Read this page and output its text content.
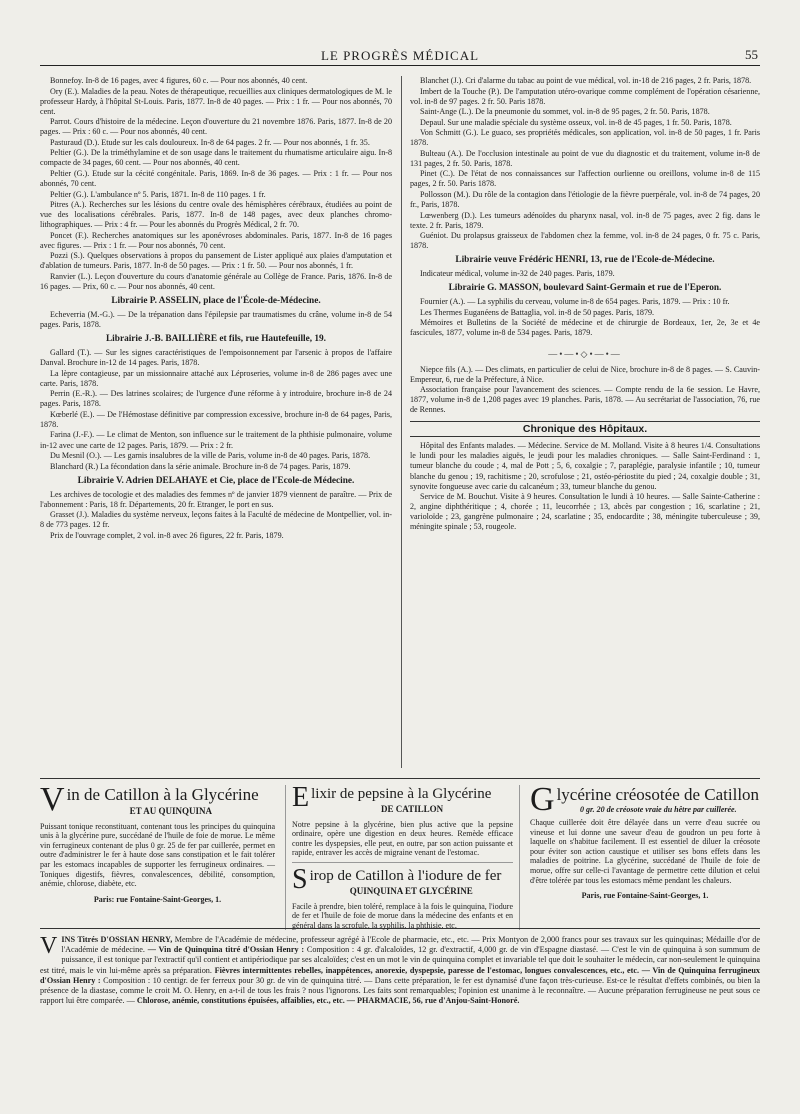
LE PROGRÈS MÉDICAL	55
Bonnefoy. In-8 de 16 pages, avec 4 figures, 60 c. — Pour nos abonnés, 40 cent.
Ory (E.). Maladies de la peau. Notes de thérapeutique, recueillies aux cliniques dermatologiques de M. le professeur Hardy, à l'hôpital St-Louis. Paris, 1877. In-8 de 40 pages. — Prix : 1 fr. — Pour nos abonnés, 70 cent.
Parrot. Cours d'histoire de la médecine. Leçon d'ouverture du 21 novembre 1876. Paris, 1877. In-8 de 20 pages. — Prix : 60 c. — Pour nos abonnés, 40 cent.
Pasturaud (D.). Etude sur les cals douloureux. In-8 de 64 pages. 2 fr. — Pour nos abonnés, 1 fr. 35.
Peltier (G.). De la triméthylamine et de son usage dans le traitement du rhumatisme articulaire aigu. In-8 compacte de 34 pages, 60 cent. — Pour nos abonnés, 40 cent.
Peltier (G.). Etude sur la cécité congénitale. Paris, 1869. In-8 de 36 pages. — Prix : 1 fr. — Pour nos abonnés, 70 cent.
Peltier (G.). L'ambulance nº 5. Paris, 1871. In-8 de 110 pages. 1 fr.
Pitres (A.). Recherches sur les lésions du centre ovale des hémisphères cérébraux, étudiées au point de vue des localisations cérébrales. Paris, 1877. In-8 de 148 pages, avec deux planches chromo-lithographiques. — Prix : 4 fr. — Pour les abonnés du Progrès Médical, 2 fr. 70.
Poncet (F.). Recherches anatomiques sur les aponévroses abdominales. Paris, 1877. In-8 de 16 pages avec figures. — Prix : 1 fr. — Pour nos abonnés, 70 cent.
Pozzi (S.). Quelques observations à propos du pansement de Lister appliqué aux plaies d'amputation et d'ablation de tumeurs. Paris, 1877. In-8 de 50 pages. — Prix : 1 fr. 50. — Pour nos abonnés, 1 fr.
Ranvier (L.). Leçon d'ouverture du cours d'anatomie générale au Collège de France. Paris, 1876. In-8 de 16 pages. — Prix, 60 c. — Pour nos abonnés, 40 cent.
Librairie P. ASSELIN, place de l'École-de-Médecine.
Echeverria (M.-G.). — De la trépanation dans l'épilepsie par traumatismes du crâne, volume in-8 de 54 pages. Paris, 1878.
Librairie J.-B. BAILLIÈRE et fils, rue Hautefeuille, 19.
Gallard (T.). — Sur les signes caractéristiques de l'empoisonnement par l'arsenic à propos de l'affaire Danval. Brochure in-12 de 14 pages. Paris, 1878.
La lèpre contagieuse, par un missionnaire attaché aux Léproseries, volume in-8 de 286 pages avec une carte. Paris, 1878.
Perrin (E.-R.). — Des latrines scolaires; de l'urgence d'une réforme à y introduire, brochure in-8 de 24 pages. Paris, 1878.
Kœberlé (E.). — De l'Hémostase définitive par compression excessive, brochure in-8 de 64 pages, Paris, 1878.
Farina (J.-F.). — Le climat de Menton, son influence sur le traitement de la phthisie pulmonaire, volume in-12 avec une carte de 12 pages. Paris, 1879. — Prix : 2 fr.
Du Mesnil (O.). — Les garnis insalubres de la ville de Paris, volume in-8 de 40 pages. Paris, 1878.
Blanchard (R.) La fécondation dans la série animale. Brochure in-8 de 74 pages. Paris, 1879.
Librairie V. Adrien DELAHAYE et Cie, place de l'Ecole-de Médecine.
Les archives de tocologie et des maladies des femmes nº de janvier 1879 viennent de paraître. — Prix de l'abonnement : Paris, 18 fr. Départements, 20 fr. Etranger, le port en sus.
Grasset (J.). Maladies du système nerveux, leçons faites à la Faculté de médecine de Montpellier, vol. in-8 de 773 pages. 12 fr.
Prix de l'ouvrage complet, 2 vol. in-8 avec 26 figures, 22 fr. Paris, 1879.
Blanchet (J.). Cri d'alarme du tabac au point de vue médical, vol. in-18 de 216 pages, 2 fr. Paris, 1878.
Imbert de la Touche (P.). De l'amputation utéro-ovarique comme complément de l'opération césarienne, vol. in-8 de 97 pages. 2 fr. 50. Paris 1878.
Saint-Ange (L.). De la pneumonie du sommet, vol. in-8 de 95 pages, 2 fr. 50. Paris, 1878.
Depaul. Sur une maladie spéciale du système osseux, vol. in-8 de 45 pages, 1 fr. 50. Paris, 1878.
Von Schmitt (G.). Le guaco, ses propriétés médicales, son application, vol. in-8 de 50 pages, 1 fr. Paris 1878.
Bulteau (A.). De l'occlusion intestinale au point de vue du diagnostic et du traitement, volume in-8 de 131 pages, 2 fr. 50. Paris, 1878.
Pinet (C.). De l'état de nos connaissances sur l'affection ourlienne ou oreillons, volume in-8 de 115 pages, 2 fr. 50. Paris 1878.
Pollosson (M.). Du rôle de la contagion dans l'étiologie de la fièvre puerpérale, vol. in-8 de 74 pages, 20 fr., Paris, 1878.
Lœwenberg (D.). Les tumeurs adénoïdes du pharynx nasal, vol. in-8 de 75 pages, avec 2 fig. dans le texte. 2 fr. Paris, 1879.
Guéniot. Du prolapsus graisseux de l'abdomen chez la femme, vol. in-8 de 24 pages, 0 fr. 75 c. Paris, 1878.
Librairie veuve Frédéric HENRI, 13, rue de l'Ecole-de-Médecine.
Indicateur médical, volume in-32 de 240 pages. Paris, 1879.
Librairie G. MASSON, boulevard Saint-Germain et rue de l'Eperon.
Fournier (A.). — La syphilis du cerveau, volume in-8 de 654 pages. Paris, 1879. — Prix : 10 fr.
Les Thermes Euganéens de Battaglia, vol. in-8 de 50 pages. Paris, 1879.
Mémoires et Bulletins de la Société de médecine et de chirurgie de Bordeaux, 1er, 2e, 3e et 4e fascicules, 1877, volume in-8 de 534 pages. Paris, 1879.
—•—•◇•—•—
Niepce fils (A.). — Des climats, en particulier de celui de Nice, brochure in-8 de 8 pages. — S. Cauvin-Empereur, 6, rue de la Préfecture, à Nice.
Association française pour l'avancement des sciences. — Compte rendu de la 6e session. Le Havre, 1877, volume in-8 de 1,208 pages avec 19 planches. Paris, 1878. — Au secrétariat de l'association, 76, rue de Rennes.
Chronique des Hôpitaux.
Hôpital des Enfants malades. — Médecine. Service de M. Molland. Visite à 8 heures 1/4. Consultations le lundi pour les maladies aiguës, le jeudi pour les maladies chroniques. — Salle Saint-Ferdinand : 1, tumeur blanche du coude ; 4, mal de Pott ; 5, 6, coxalgie ; 7, paraplégie, paralysie infantile ; 10, tumeur blanche du genou ; 19, rachitisme ; 20, scrofulose ; 21, ostéo-périostite du pied ; 24, coxalgie double ; 31, synovite fongueuse avec carie du calcanéum ; 33, tumeur blanche du genou.
Service de M. Bouchut. Visite à 9 heures. Consultation le lundi à 10 heures. — Salle Sainte-Catherine : 2, angine diphthéritique ; 4, chorée ; 11, leucorrhée ; 13, abcès par congestion ; 16, scarlatine ; 21, varioloïde ; 23, gangrène pulmonaire ; 24, scarlatine ; 35, endocardite ; 38, méningite tuberculeuse ; 39, méningite spinale ; 53, rougeole.
Vin de Catillon à la Glycérine
ET AU QUINQUINA
Puissant tonique reconstituant, contenant tous les principes du quinquina unis à la glycérine pure, succédané de l'huile de foie de morue. Le même vin ferrugineux contenant de plus 0 gr. 25 de fer par cuillerée, permet en outre d'administrer le fer à haute dose sans constipation et le fait tolérer par les estomacs incapables de supporter les ferrugineux ordinaires. — Toniques digestifs, fièvres, convalescences, débilité, consomption, anémie, chlorose, diabète, etc.
Paris: rue Fontaine-Saint-Georges, 1.
Elixir de pepsine à la Glycérine
DE CATILLON
Notre pepsine à la glycérine, bien plus active que la pepsine ordinaire, opère une digestion en deux heures. Remède efficace contre les dyspepsies, elle peut, en outre, par son action puissante et rapide, entraver les accès de migraine venant de l'estomac.
Sirop de Catillon à l'iodure de fer
QUINQUINA ET GLYCÉRINE
Facile à prendre, bien toléré, remplace à la fois le quinquina, l'iodure de fer et l'huile de foie de morue dans la médecine des enfants et en général dans la scrofule, la syphilis, la phthisie, etc.
Glycérine créosotée de Catillon
0 gr. 20 de créosote vraie du hêtre par cuillerée.
Chaque cuillerée doit être délayée dans un verre d'eau sucrée ou vineuse et lui donne une saveur d'eau de goudron un peu forte à laquelle on s'habitue facilement. Il est essentiel de diluer la créosote pour éviter son action caustique et utiliser ses bons effets dans les maladies de poitrine. La glycérine, succédané de l'huile de foie de morue, offre sur celle-ci l'avantage de permettre cette dilution et celui d'être tolérée par tous les estomacs même pendant les chaleurs.
Paris, rue Fontaine-Saint-Georges, 1.
V INS Titrés D'OSSIAN HENRY, Membre de l'Académie de médecine, professeur agrégé à l'Ecole de pharmacie, etc., etc. — Prix Montyon de 2,000 francs pour ses travaux sur les quinquinas; Médaille d'or de l'Académie de médecine. — Vin de Quinquina titré d'Ossian Henry : Composition : 4 gr. d'alcaloïdes, 12 gr. d'extractif, 4,000 gr. de vin d'Espagne diastasé. — C'est le vin de quinquina à son summum de puissance, il est tonique par l'extractif qu'il contient et antipériodique par ses alcaloïdes; c'est en un mot le vin de quinquina complet et invariable tel que doit le souhaiter le médecin, car non-seulement le quinquina est titré, mais le vin lui-même après sa préparation. Fièvres intermittentes rebelles, inappétences, anorexie, dyspepsie, paresse de l'estomac, longues convalescences, etc., etc. — Vin de Quinquina ferrugineux d'Ossian Henry : Composition : 10 centigr. de fer ferreux pour 30 gr. de vin de quinquina titré. — Dans cette préparation, le fer est dynamisé d'une façon très-curieuse. Est-ce le résultat d'effets combinés, ou bien la présence de la diastase, comme le croit M. O. Henry, en a-t-il de tous les frais ? nous l'ignorons. Les faits sont remarquables; l'opinion est unanime à le reconnaître. — Aucune préparation ferrugineuse ne peut sous ce rapport lui être comparée. — Chlorose, anémie, constitutions épuisées, affaiblies, etc., etc. — PHARMACIE, 56, rue d'Anjou-Saint-Honoré.
